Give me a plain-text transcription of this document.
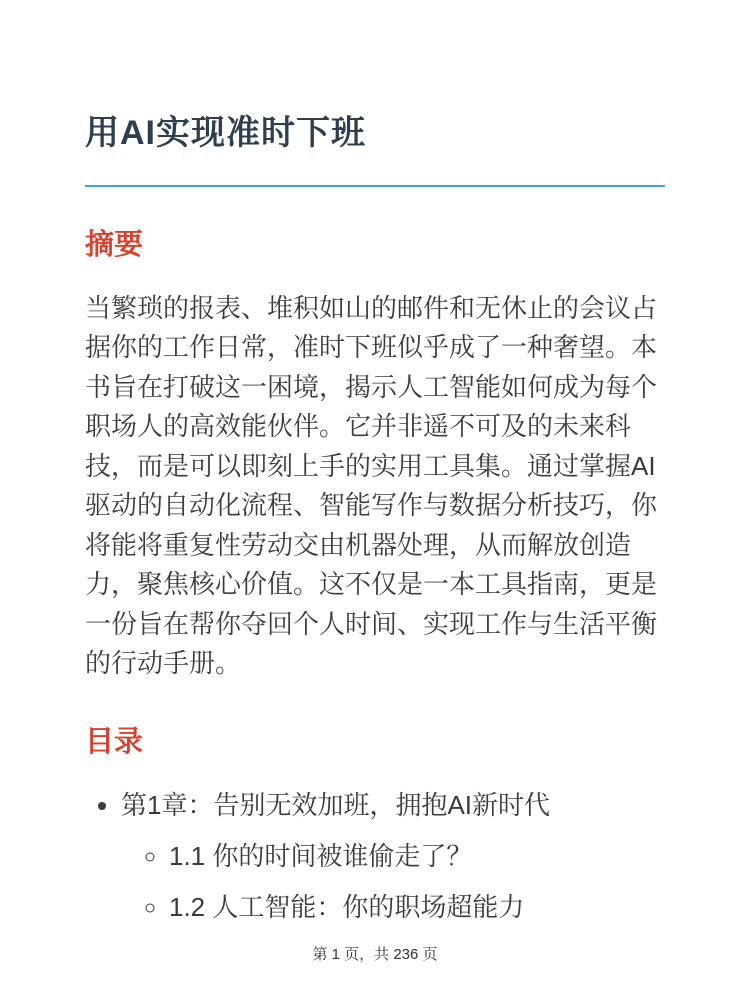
用AI实现准时下班
摘要

当繁琐的报表、堆积如山的邮件和无休止的会议占据你的工作日常，准时下班似乎成了一种奢望。本书旨在打破这一困境，揭示人工智能如何成为每个职场人的高效能伙伴。它并非遥不可及的未来科技，而是可以即刻上手的实用工具集。通过掌握AI驱动的自动化流程、智能写作与数据分析技巧，你将能将重复性劳动交由机器处理，从而解放创造力，聚焦核心价值。这不仅是一本工具指南，更是一份旨在帮你夺回个人时间、实现工作与生活平衡的行动手册。

目录
• 第1章：告别无效加班，拥抱AI新时代
◦ 1.1 你的时间被谁偷走了？
◦ 1.2 人工智能：你的职场超能力
第 1 页，共 236 页
